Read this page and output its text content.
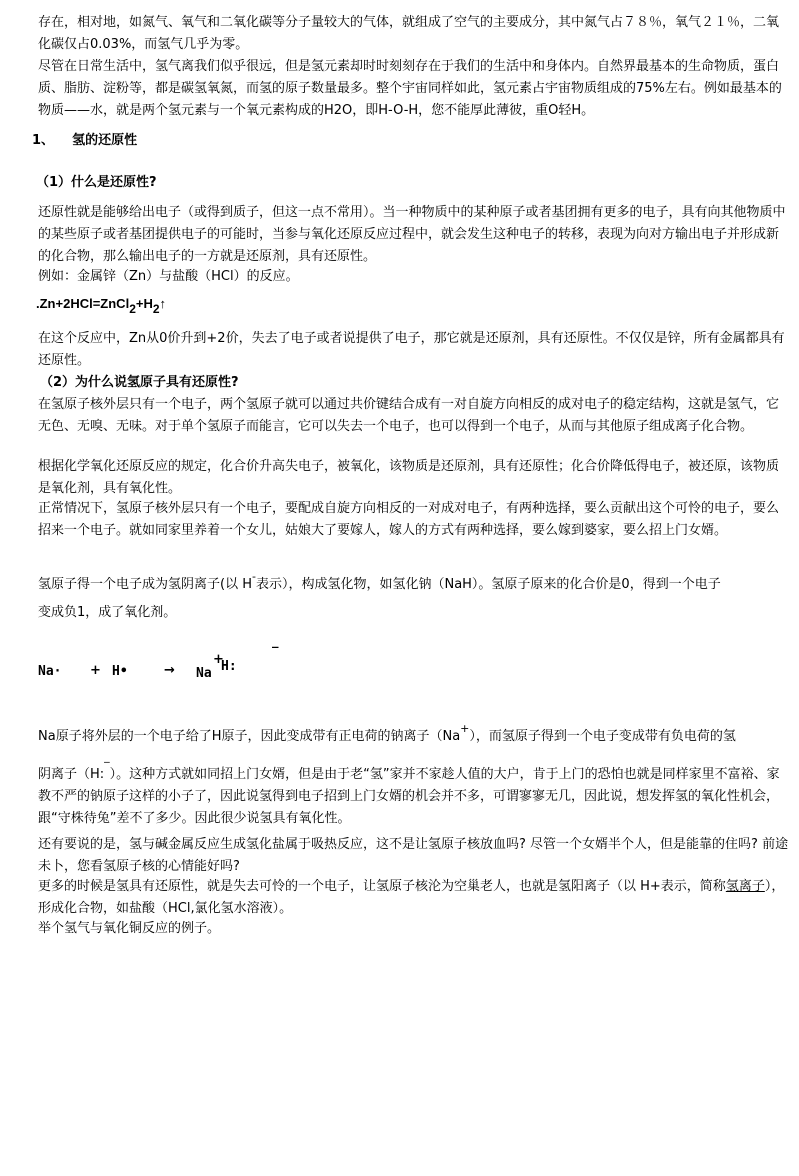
存在，相对地，如氮气、氧气和二氧化碳等分子量较大的气体，就组成了空气的主要成分，其中氮气占７８％，氧气２１％，二氧化碳仅占0.03%，而氢气几乎为零。

尽管在日常生活中，氢气离我们似乎很远，但是氢元素却时时刻刻存在于我们的生活中和身体内。自然界最基本的生命物质，蛋白质、脂肪、淀粉等，都是碳氢氧氮，而氢的原子数量最多。整个宇宙同样如此，氢元素占宇宙物质组成的75%左右。例如最基本的物质——水，就是两个氢元素与一个氧元素构成的H2O，即H-O-H，您不能厚此薄彼，重O轻H。

1、 氢的还原性
（1）什么是还原性?

还原性就是能够给出电子（或得到质子，但这一点不常用）。当一种物质中的某种原子或者基团拥有更多的电子，具有向其他物质中的某些原子或者基团提供电子的可能时，当参与氧化还原反应过程中，就会发生这种电子的转移，表现为向对方输出电子并形成新的化合物，那么输出电子的一方就是还原剂，具有还原性。

例如：金属锌（Zn）与盐酸（HCl）的反应。
.Zn+2HCl=ZnCl2+H2↑

在这个反应中，Zn从0价升到+2价，失去了电子或者说提供了电子，那它就是还原剂，具有还原性。不仅仅是锌，所有金属都具有还原性。

（2）为什么说氢原子具有还原性?

在氢原子核外层只有一个电子，两个氢原子就可以通过共价键结合成有一对自旋方向相反的成对电子的稳定结构，这就是氢气，它无色、无嗅、无味。对于单个氢原子而能言，它可以失去一个电子，也可以得到一个电子，从而与其他原子组成离子化合物。

根据化学氧化还原反应的规定，化合价升高失电子，被氧化，该物质是还原剂，具有还原性；化合价降低得电子，被还原，该物质是氧化剂，具有氧化性。

正常情况下，氢原子核外层只有一个电子，要配成自旋方向相反的一对成对电子，有两种选择，要么贡献出这个可怜的电子，要么招来一个电子。就如同家里养着一个女儿，姑娘大了要嫁人，嫁人的方式有两种选择，要么嫁到婆家，要么招上门女婿。

氢原子得一个电子成为氢阴离子(以 H-表示），构成氢化物，如氢化钠（NaH）。氢原子原来的化合价是0，得到一个电子
变成负1，成了氧化剂。
Na· + H•	→ Na
+
H:
‾
Na原子将外层的一个电子给了H原子，因此变成带有正电荷的钠离子（Na+），而氢原子得到一个电子变成带有负电荷的氢

阴离子（H:‾）。这种方式就如同招上门女婿，但是由于老“氢”家并不家趁人值的大户，肯于上门的恐怕也就是同样家里不富裕、家教不严的钠原子这样的小子了，因此说氢得到电子招到上门女婿的机会并不多，可谓寥寥无几，因此说，想发挥氢的氧化性机会，跟“守株待兔”差不了多少。因此很少说氢具有氧化性。

还有要说的是，氢与碱金属反应生成氢化盐属于吸热反应，这不是让氢原子核放血吗? 尽管一个女婿半个人，但是能靠的住吗? 前途未卜，您看氢原子核的心情能好吗?

更多的时候是氢具有还原性，就是失去可怜的一个电子，让氢原子核沦为空巢老人，也就是氢阳离子（以 H+表示，简称氢离子），形成化合物，如盐酸（HCl,氯化氢水溶液）。

举个氢气与氧化铜反应的例子。
